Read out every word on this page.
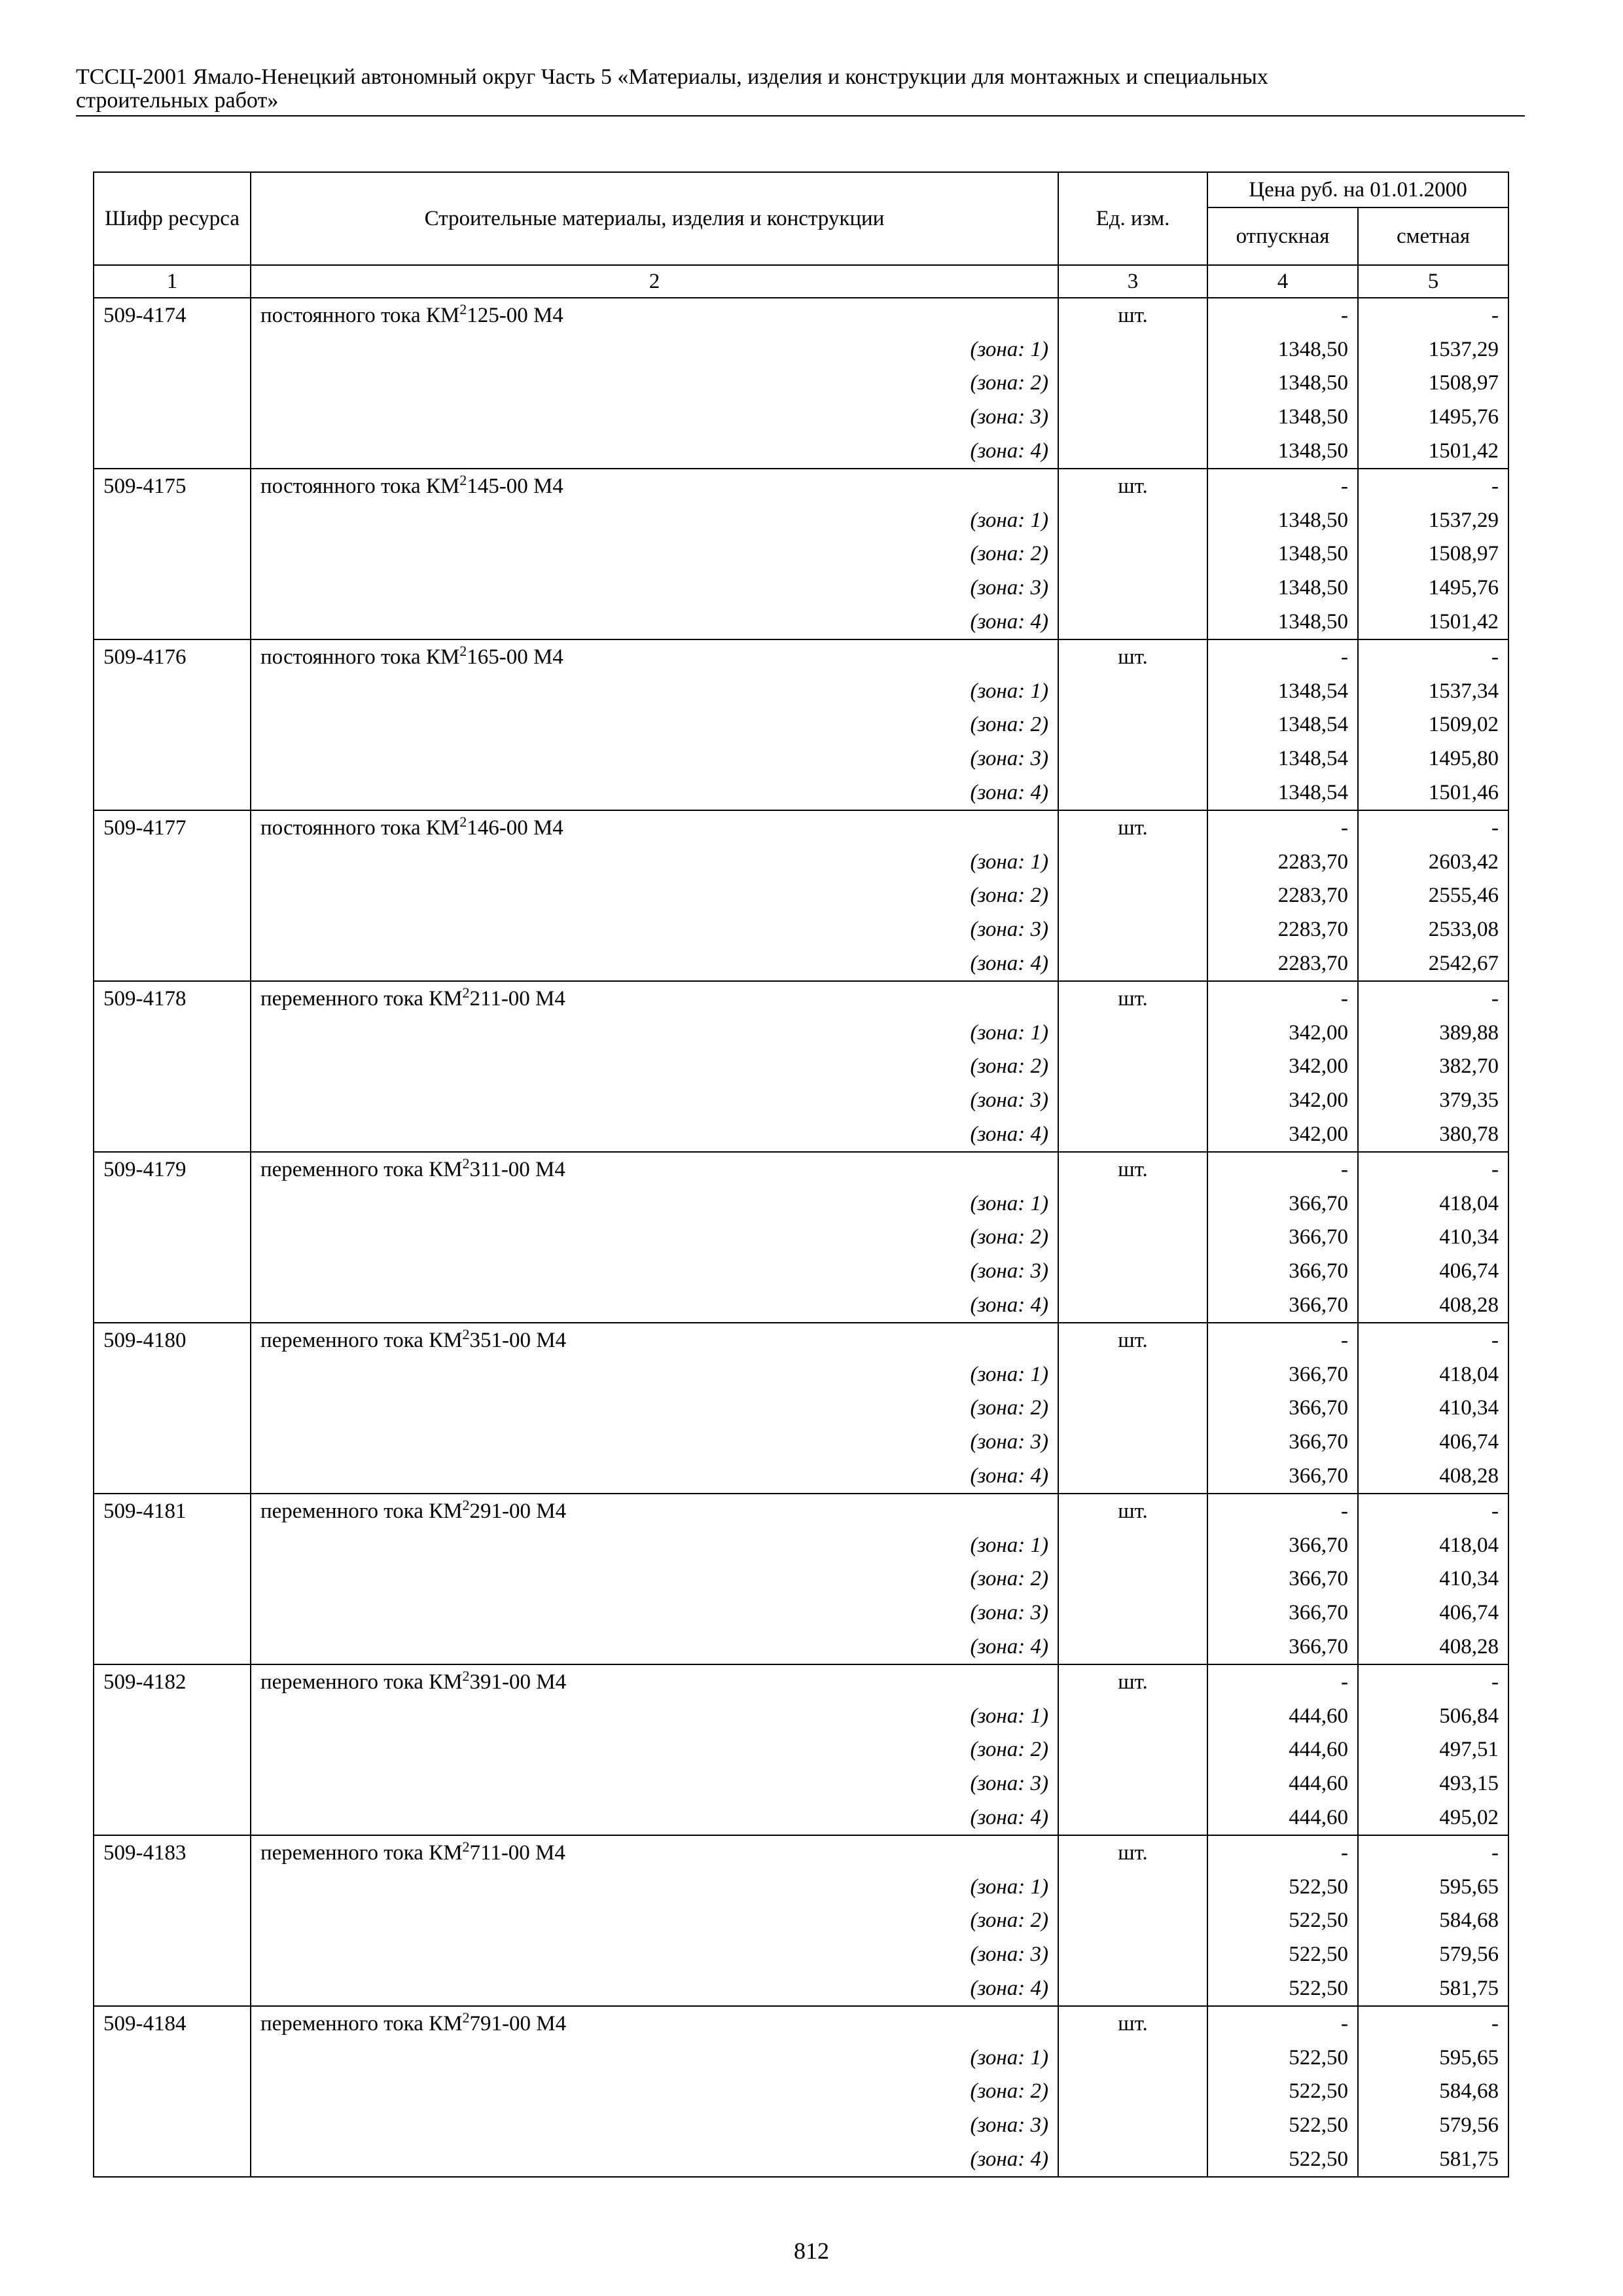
ТССЦ-2001 Ямало-Ненецкий автономный округ Часть 5 «Материалы, изделия и конструкции для монтажных и специальных
строительных работ»
Шифр ресурса	Строительные материалы, изделия и конструкции	Ед. изм.	Цена руб. на 01.01.2000	
			отпускная	сметная
1	2	3	4	5
509-4174	постоянного тока $КМ^2125-00$ М4	шт.	-	-
	(зона: 1)		1348,50	1537,29
	(зона: 2)		1348,50	1508,97
	(зона: 3)		1348,50	1495,76
	(зона: 4)		1348,50	1501,42
509-4175	постоянного тока $КМ^2145-00$ М4	шт.	-	-
	(зона: 1)		1348,50	1537,29
	(зона: 2)		1348,50	1508,97
	(зона: 3)		1348,50	1495,76
	(зона: 4)		1348,50	1501,42
509-4176	постоянного тока $КМ^2165-00$ М4	шт.	-	-
	(зона: 1)		1348,54	1537,34
	(зона: 2)		1348,54	1509,02
	(зона: 3)		1348,54	1495,80
	(зона: 4)		1348,54	1501,46
509-4177	постоянного тока $КМ^2146-00$ М4	шт.	-	-
	(зона: 1)		2283,70	2603,42
	(зона: 2)		2283,70	2555,46
	(зона: 3)		2283,70	2533,08
	(зона: 4)		2283,70	2542,67
509-4178	переменного тока $КМ^2211-00$ М4	шт.	-	-
	(зона: 1)		342,00	389,88
	(зона: 2)		342,00	382,70
	(зона: 3)		342,00	379,35
	(зона: 4)		342,00	380,78
509-4179	переменного тока $КМ^2311-00$ М4	шт.	-	-
	(зона: 1)		366,70	418,04
	(зона: 2)		366,70	410,34
	(зона: 3)		366,70	406,74
	(зона: 4)		366,70	408,28
509-4180	переменного тока $КМ^2351-00$ М4	шт.	-	-
	(зона: 1)		366,70	418,04
	(зона: 2)		366,70	410,34
	(зона: 3)		366,70	406,74
	(зона: 4)		366,70	408,28
509-4181	переменного тока $КМ^2291-00$ М4	шт.	-	-
	(зона: 1)		366,70	418,04
	(зона: 2)		366,70	410,34
	(зона: 3)		366,70	406,74
	(зона: 4)		366,70	408,28
509-4182	переменного тока $КМ^2391-00$ М4	шт.	-	-
	(зона: 1)		444,60	506,84
	(зона: 2)		444,60	497,51
	(зона: 3)		444,60	493,15
	(зона: 4)		444,60	495,02
509-4183	переменного тока $КМ^2711-00$ М4	шт.	-	-
	(зона: 1)		522,50	595,65
	(зона: 2)		522,50	584,68
	(зона: 3)		522,50	579,56
	(зона: 4)		522,50	581,75
509-4184	переменного тока $КМ^2791-00$ М4	шт.	-	-
	(зона: 1)		522,50	595,65
	(зона: 2)		522,50	584,68
	(зона: 3)		522,50	579,56
	(зона: 4)		522,50	581,75
812
